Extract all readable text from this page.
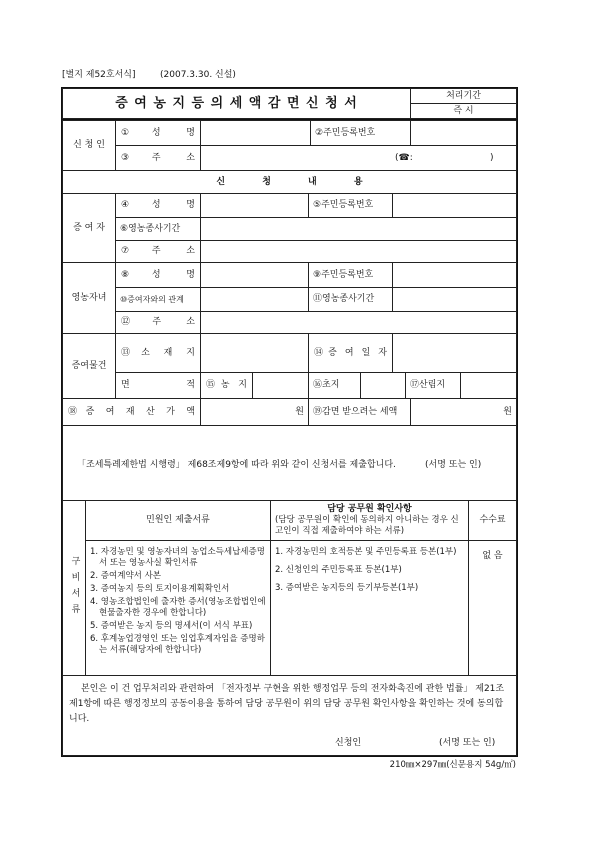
[별지 제52호서식]	(2007.3.30. 신설)
증 여 농 지 등 의 세 액 감 면 신 청 서
처리기간
즉 시
신 청 인
①성 명	②주민등록번호
③주 소	(☎:	)
신 청 내 용
증 여 자
④성 명	⑤주민등록번호
⑥영농종사기간
⑦주 소
영농자녀
⑧성 명	⑨주민등록번호
⑩증여자와의 관계	⑪영농종사기간
⑫주 소
증여물건
⑬소 재 지	⑭증 여 일 자
면 적	⑮농 지	⑯초지	⑰산림지
⑱증 여 재 산 가 액	원	⑲감면 받으려는 세액	원
「조세특례제한법 시행령」 제68조제9항에 따라 위와 같이 신청서를 제출합니다.	(서명 또는 인)
구비서류
민원인 제출서류
담당 공무원 확인사항
(담당 공무원이 확인에 동의하지 아니하는 경우 신고인이 직접 제출하여야 하는 서류)
수수료
1. 자경농민 및 영농자녀의 농업소득세납세증명서 또는 영농사실 확인서류
2. 증여계약서 사본
3. 증여농지 등의 토지이용계획확인서
4. 영농조합법인에 출자한 증서(영농조합법인에 현물출자한 경우에 한합니다)
5. 증여받은 농지 등의 명세서(이 서식 부표)
6. 후계농업경영인 또는 임업후계자임을 증명하는 서류(해당자에 한합니다)
1. 자경농민의 호적등본 및 주민등록표 등본(1부)
2. 신청인의 주민등록표 등본(1부)
3. 증여받은 농지등의 등기부등본(1부)
없 음
본인은 이 건 업무처리와 관련하여 「전자정부 구현을 위한 행정업무 등의 전자화촉진에 관한 법률」 제21조제1항에 따른 행정정보의 공동이용을 통하여 담당 공무원이 위의 담당 공무원 확인사항을 확인하는 것에 동의합니다.
신청인	(서명 또는 인)
210㎜×297㎜(신문용지 54g/㎡)
